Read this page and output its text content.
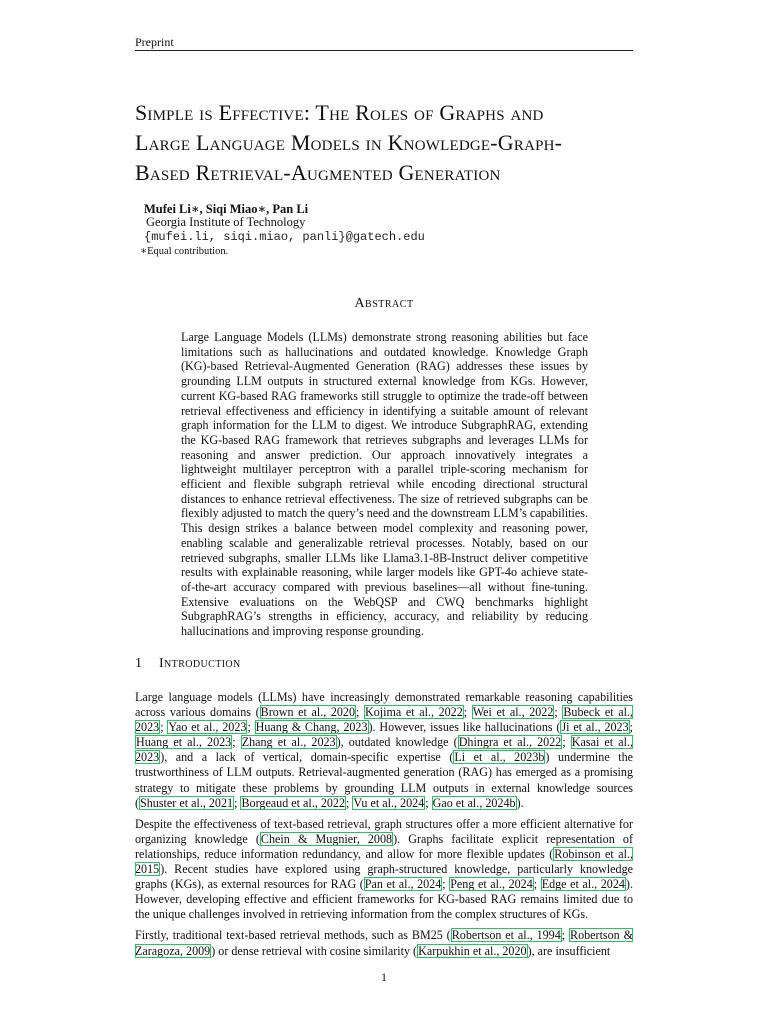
Preprint
Simple is Effective: The Roles of Graphs and
Large Language Models in Knowledge-Graph-
Based Retrieval-Augmented Generation
Mufei Li∗, Siqi Miao∗, Pan Li
Georgia Institute of Technology
{mufei.li, siqi.miao, panli}@gatech.edu
∗Equal contribution.
Abstract
Large Language Models (LLMs) demonstrate strong reasoning abilities but face limitations such as hallucinations and outdated knowledge. Knowledge Graph (KG)-based Retrieval-Augmented Generation (RAG) addresses these issues by grounding LLM outputs in structured external knowledge from KGs. However, current KG-based RAG frameworks still struggle to optimize the trade-off between retrieval effectiveness and efficiency in identifying a suitable amount of relevant graph information for the LLM to digest. We introduce SubgraphRAG, extending the KG-based RAG framework that retrieves subgraphs and leverages LLMs for reasoning and answer prediction. Our approach innovatively integrates a lightweight multilayer perceptron with a parallel triple-scoring mechanism for efficient and flexible subgraph retrieval while encoding directional structural distances to enhance retrieval effectiveness. The size of retrieved subgraphs can be flexibly adjusted to match the query’s need and the downstream LLM’s capabilities. This design strikes a balance between model complexity and reasoning power, enabling scalable and generalizable retrieval processes. Notably, based on our retrieved subgraphs, smaller LLMs like Llama3.1-8B-Instruct deliver competitive results with explainable reasoning, while larger models like GPT-4o achieve state-of-the-art accuracy compared with previous baselines—all without fine-tuning. Extensive evaluations on the WebQSP and CWQ benchmarks highlight SubgraphRAG’s strengths in efficiency, accuracy, and reliability by reducing hallucinations and improving response grounding.
1 Introduction

Large language models (LLMs) have increasingly demonstrated remarkable reasoning capabilities across various domains (Brown et al., 2020; Kojima et al., 2022; Wei et al., 2022; Bubeck et al., 2023; Yao et al., 2023; Huang & Chang, 2023). However, issues like hallucinations (Ji et al., 2023; Huang et al., 2023; Zhang et al., 2023), outdated knowledge (Dhingra et al., 2022; Kasai et al., 2023), and a lack of vertical, domain-specific expertise (Li et al., 2023b) undermine the trustworthiness of LLM outputs. Retrieval-augmented generation (RAG) has emerged as a promising strategy to mitigate these problems by grounding LLM outputs in external knowledge sources (Shuster et al., 2021; Borgeaud et al., 2022; Vu et al., 2024; Gao et al., 2024b).

Despite the effectiveness of text-based retrieval, graph structures offer a more efficient alternative for organizing knowledge (Chein & Mugnier, 2008). Graphs facilitate explicit representation of relationships, reduce information redundancy, and allow for more flexible updates (Robinson et al., 2015). Recent studies have explored using graph-structured knowledge, particularly knowledge graphs (KGs), as external resources for RAG (Pan et al., 2024; Peng et al., 2024; Edge et al., 2024). However, developing effective and efficient frameworks for KG-based RAG remains limited due to the unique challenges involved in retrieving information from the complex structures of KGs.

Firstly, traditional text-based retrieval methods, such as BM25 (Robertson et al., 1994; Robertson & Zaragoza, 2009) or dense retrieval with cosine similarity (Karpukhin et al., 2020), are insufficient

1
